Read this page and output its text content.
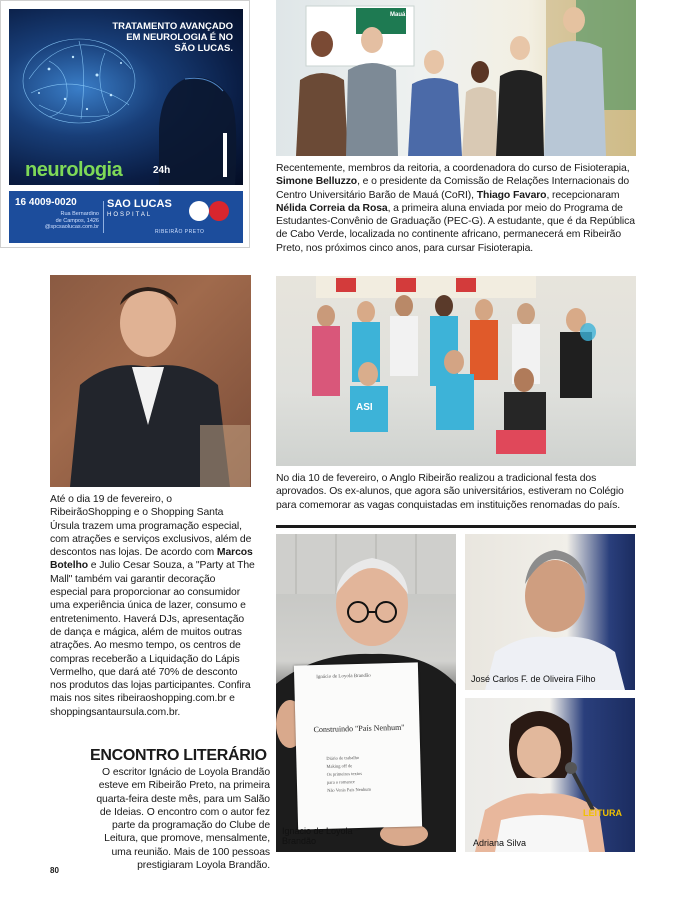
TRATAMENTO AVANÇADO EM NEUROLOGIA É NO SÃO LUCAS.
neurologia	24h
16 4009-0020
Rua Bernardino
de Campos, 1426
@spcsaolucas.com.br
SAO LUCAS
HOSPITAL
RIBEIRÃO PRETO
Mauá

Recentemente, membros da reitoria, a coordenadora do curso de Fisioterapia, Simone Belluzzo, e o presidente da Comissão de Relações Internacionais do Centro Universitário Barão de Mauá (CoRI), Thiago Favaro, recepcionaram Nélida Correia da Rosa, a primeira aluna enviada por meio do Programa de Estudantes-Convênio de Graduação (PEC-G). A estudante, que é da República de Cabo Verde, localizada no continente africano, permanecerá em Ribeirão Preto, nos próximos cinco anos, para cursar Fisioterapia.

Até o dia 19 de fevereiro, o RibeirãoShopping e o Shopping Santa Úrsula trazem uma programação especial, com atrações e serviços exclusivos, além de descontos nas lojas. De acordo com Marcos Botelho e Julio Cesar Souza, a "Party at The Mall" também vai garantir decoração especial para proporcionar ao consumidor uma experiência única de lazer, consumo e entretenimento. Haverá DJs, apresentação de dança e mágica, além de muitos outras atrações. Ao mesmo tempo, os centros de compras receberão a Liquidação do Lápis Vermelho, que dará até 70% de desconto nos produtos das lojas participantes. Confira mais nos sites ribeiraoshopping.com.br e shoppingsantaursula.com.br.

ASI

No dia 10 de fevereiro, o Anglo Ribeirão realizou a tradicional festa dos aprovados. Os ex-alunos, que agora são universitários, estiveram no Colégio para comemorar as vagas conquistadas em instituições renomadas do país.

Ignácio de Loyola Brandão
Construindo "País Nenhum"
Diário de trabalho
Making off de
Os primeiros textos
para o romance
Não Verás País Nenhum
Ignácio de Loyola Brandão
José Carlos F. de Oliveira Filho
LEITURA
Adriana Silva
ENCONTRO LITERÁRIO

O escritor Ignácio de Loyola Brandão esteve em Ribeirão Preto, na primeira quarta-feira deste mês, para um Salão de Ideias. O encontro com o autor fez parte da programação do Clube de Leitura, que promove, mensalmente, uma reunião. Mais de 100 pessoas prestigiaram Loyola Brandão.

80
